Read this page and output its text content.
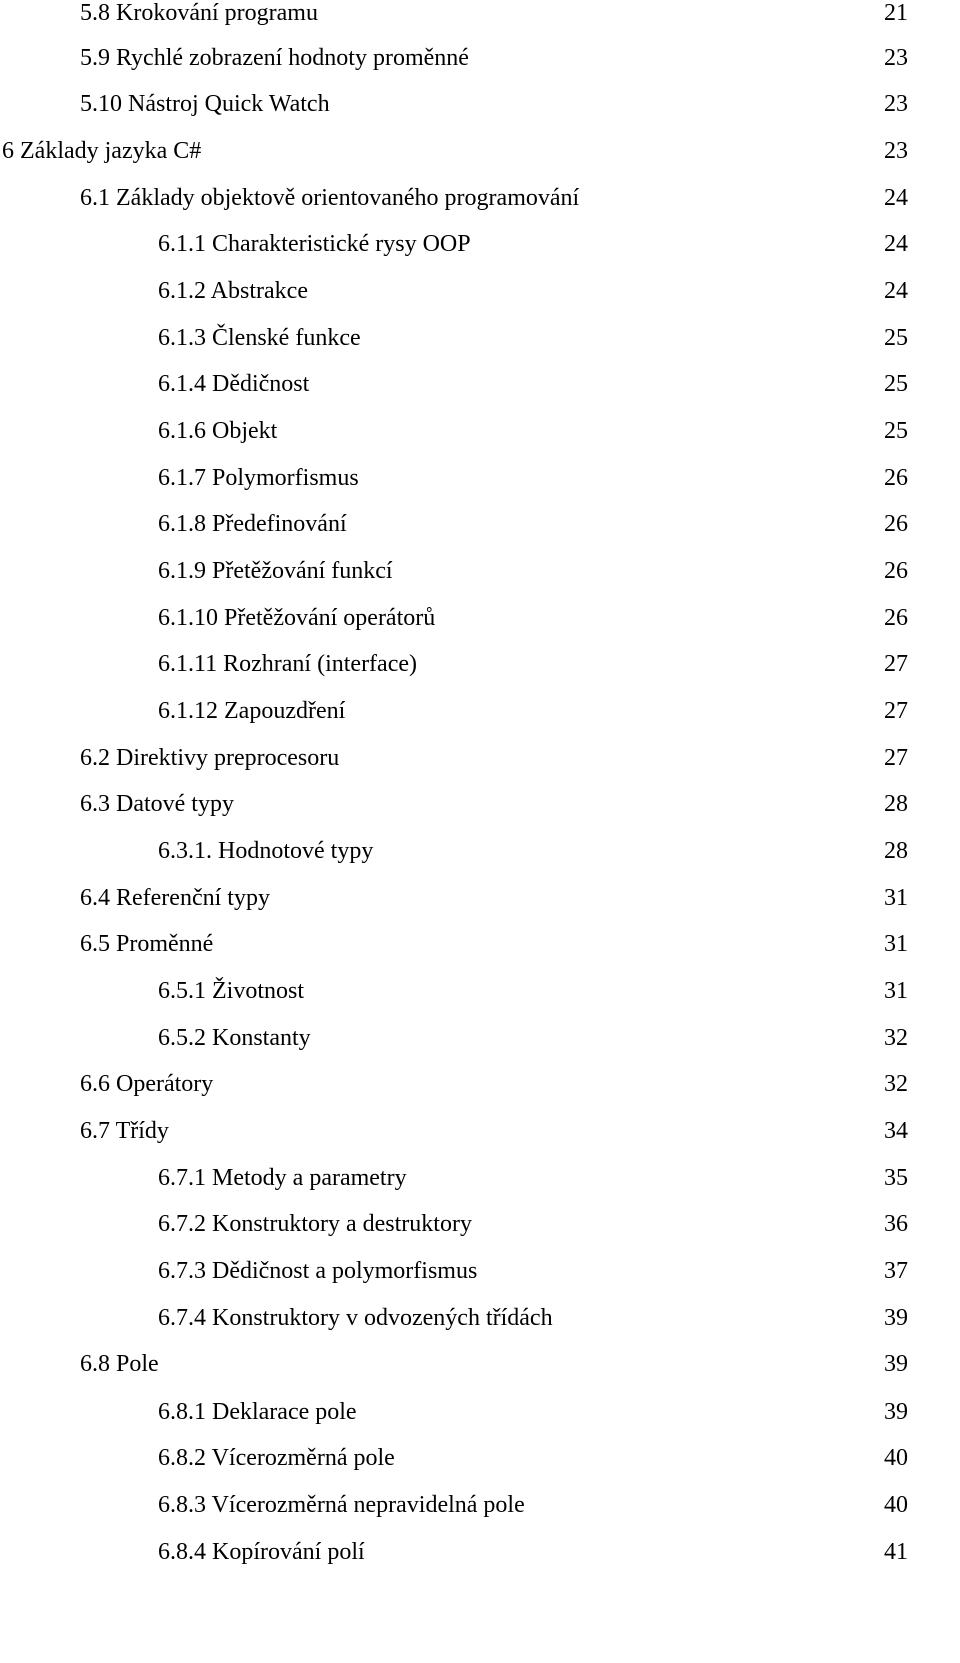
5.8 Krokování programu	21
5.9 Rychlé zobrazení hodnoty proměnné	23
5.10 Nástroj Quick Watch	23
6 Základy jazyka C#	23
6.1 Základy objektově orientovaného programování	24
6.1.1 Charakteristické rysy OOP	24
6.1.2 Abstrakce	24
6.1.3 Členské funkce	25
6.1.4 Dědičnost	25
6.1.6 Objekt	25
6.1.7 Polymorfismus	26
6.1.8 Předefinování	26
6.1.9 Přetěžování funkcí	26
6.1.10 Přetěžování operátorů	26
6.1.11 Rozhraní (interface)	27
6.1.12 Zapouzdření	27
6.2 Direktivy preprocesoru	27
6.3 Datové typy	28
6.3.1. Hodnotové typy	28
6.4 Referenční typy	31
6.5 Proměnné	31
6.5.1 Životnost	31
6.5.2 Konstanty	32
6.6 Operátory	32
6.7 Třídy	34
6.7.1 Metody a parametry	35
6.7.2 Konstruktory a destruktory	36
6.7.3 Dědičnost a polymorfismus	37
6.7.4 Konstruktory v odvozených třídách	39
6.8 Pole	39
6.8.1 Deklarace pole	39
6.8.2 Vícerozměrná pole	40
6.8.3 Vícerozměrná nepravidelná pole	40
6.8.4 Kopírování polí	41
